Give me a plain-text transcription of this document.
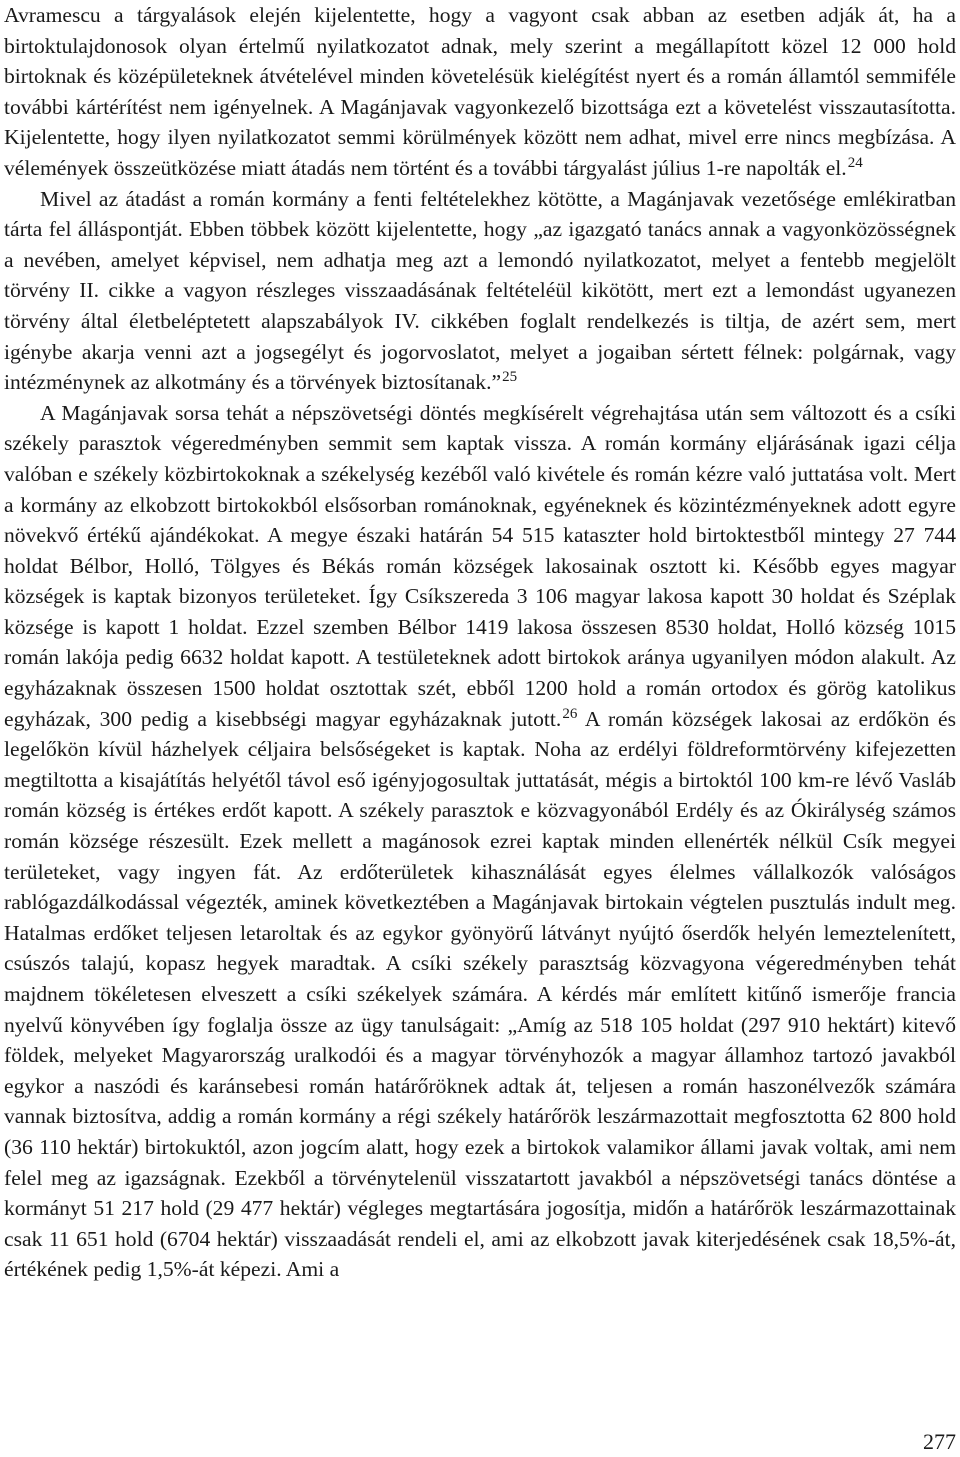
Avramescu a tárgyalások elején kijelentette, hogy a vagyont csak abban az esetben adják át, ha a birtoktulajdonosok olyan értelmű nyilatkozatot adnak, mely szerint a megállapított közel 12 000 hold birtoknak és középületeknek átvételével minden követelésük kielégítést nyert és a román államtól semmiféle további kártérítést nem igényelnek. A Magánjavak vagyonkezelő bizottsága ezt a követelést visszautasította. Kijelentette, hogy ilyen nyilatkozatot semmi körülmények között nem adhat, mivel erre nincs megbízása. A vélemények összeütközése miatt átadás nem történt és a további tárgyalást július 1-re napolták el.$^{24}$

Mivel az átadást a román kormány a fenti feltételekhez kötötte, a Magánjavak vezetősége emlékiratban tárta fel álláspontját. Ebben többek között kijelentette, hogy „az igazgató tanács annak a vagyonközösségnek a nevében, amelyet képvisel, nem adhatja meg azt a lemondó nyilatkozatot, melyet a fentebb megjelölt törvény II. cikke a vagyon részleges visszaadásának feltételéül kikötött, mert ezt a lemondást ugyanezen törvény által életbeléptetett alapszabályok IV. cikkében foglalt rendelkezés is tiltja, de azért sem, mert igénybe akarja venni azt a jogsegélyt és jogorvoslatot, melyet a jogaiban sértett félnek: polgárnak, vagy intézménynek az alkotmány és a törvények biztosítanak.”$^{25}$

A Magánjavak sorsa tehát a népszövetségi döntés megkísérelt végrehajtása után sem változott és a csíki székely parasztok végeredményben semmit sem kaptak vissza. A román kormány eljárásának igazi célja valóban e székely közbirtokoknak a székelység kezéből való kivétele és román kézre való juttatása volt. Mert a kormány az elkobzott birtokokból elsősorban románoknak, egyéneknek és közintézményeknek adott egyre növekvő értékű ajándékokat. A megye északi határán 54 515 kataszter hold birtoktestből mintegy 27 744 holdat Bélbor, Holló, Tölgyes és Békás román községek lakosainak osztott ki. Később egyes magyar községek is kaptak bizonyos területeket. Így Csíkszereda 3 106 magyar lakosa kapott 30 holdat és Széplak községe is kapott 1 holdat. Ezzel szemben Bélbor 1419 lakosa összesen 8530 holdat, Holló község 1015 román lakója pedig 6632 holdat kapott. A testületeknek adott birtokok aránya ugyanilyen módon alakult. Az egyházaknak összesen 1500 holdat osztottak szét, ebből 1200 hold a román ortodox és görög katolikus egyházak, 300 pedig a kisebbségi magyar egyházaknak jutott.$^{26}$ A román községek lakosai az erdőkön és legelőkön kívül házhelyek céljaira belsőségeket is kaptak. Noha az erdélyi földreformtörvény kifejezetten megtiltotta a kisajátítás helyétől távol eső igényjogosultak juttatását, mégis a birtoktól 100 km-re lévő Vasláb román község is értékes erdőt kapott. A székely parasztok e közvagyonából Erdély és az Ókirálység számos román községe részesült. Ezek mellett a magánosok ezrei kaptak minden ellenérték nélkül Csík megyei területeket, vagy ingyen fát. Az erdőterületek kihasználását egyes élelmes vállalkozók valóságos rablógazdálkodással végezték, aminek következtében a Magánjavak birtokain végtelen pusztulás indult meg. Hatalmas erdőket teljesen letaroltak és az egykor gyönyörű látványt nyújtó őserdők helyén lemeztelenített, csúszós talajú, kopasz hegyek maradtak. A csíki székely parasztság közvagyona végeredményben tehát majdnem tökéletesen elveszett a csíki székelyek számára. A kérdés már említett kitűnő ismerője francia nyelvű könyvében így foglalja össze az ügy tanulságait: „Amíg az 518 105 holdat (297 910 hektárt) kitevő földek, melyeket Magyarország uralkodói és a magyar törvényhozók a magyar államhoz tartozó javakból egykor a naszódi és karánsebesi román határőröknek adtak át, teljesen a román haszonélvezők számára vannak biztosítva, addig a román kormány a régi székely határőrök leszármazottait megfosztotta 62 800 hold (36 110 hektár) birtokuktól, azon jogcím alatt, hogy ezek a birtokok valamikor állami javak voltak, ami nem felel meg az igazságnak. Ezekből a törvénytelenül visszatartott javakból a népszövetségi tanács döntése a kormányt 51 217 hold (29 477 hektár) végleges megtartására jogosítja, midőn a határőrök leszármazottainak csak 11 651 hold (6704 hektár) visszaadását rendeli el, ami az elkobzott javak kiterjedésének csak 18,5%-át, értékének pedig 1,5%-át képezi. Ami a

277
